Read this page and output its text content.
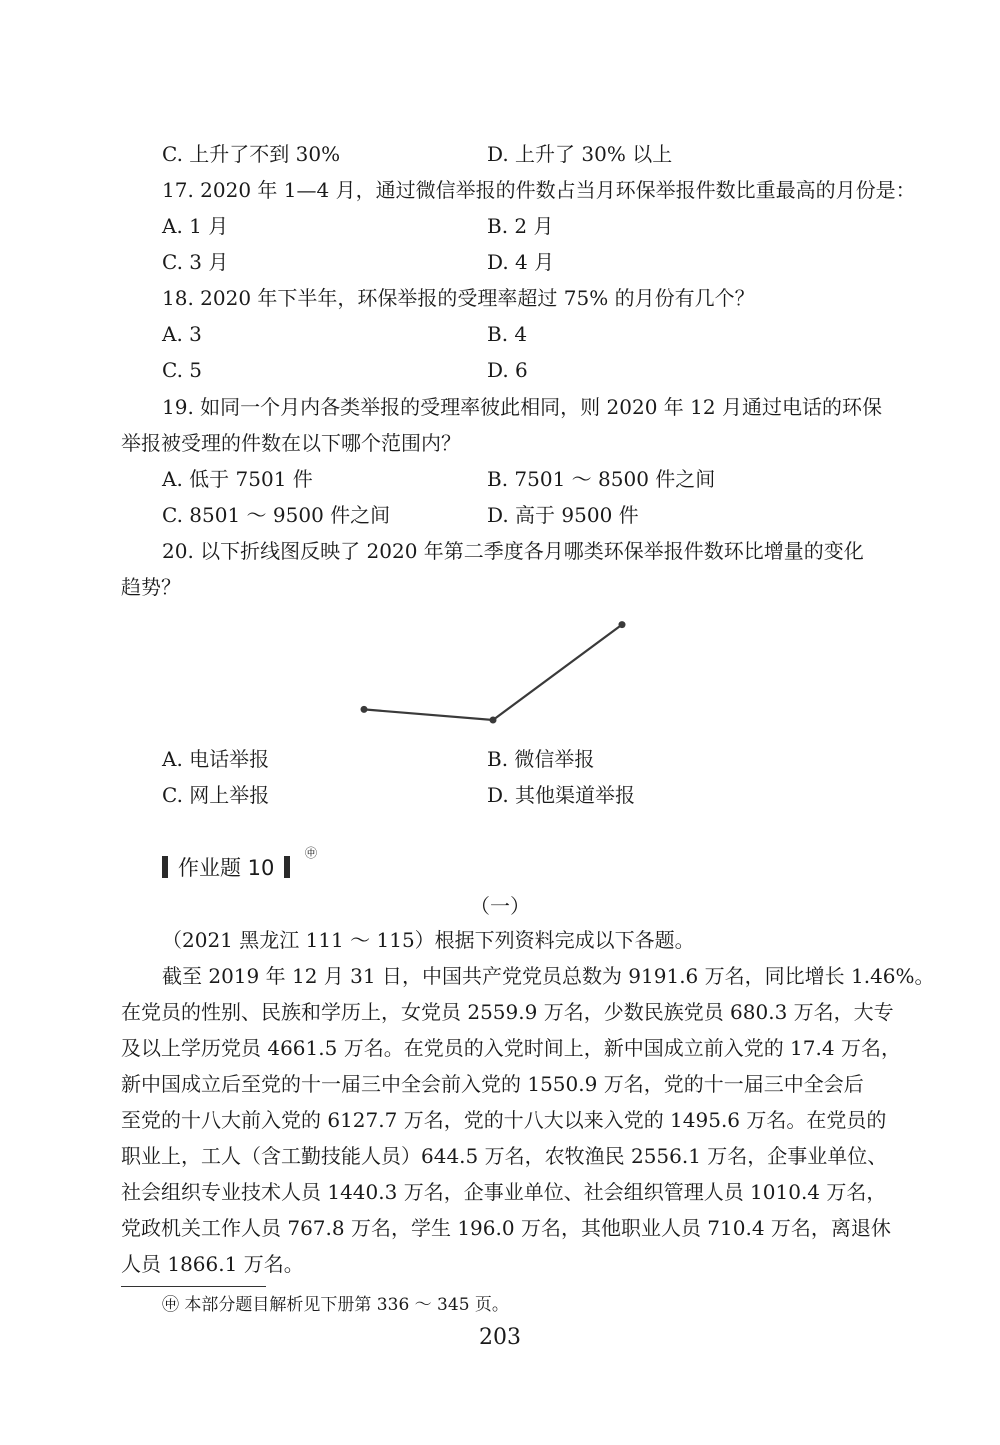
C. 上升了不到 30%	D. 上升了 30% 以上
17. 2020 年 1—4 月，通过微信举报的件数占当月环保举报件数比重最高的月份是：
A. 1 月	B. 2 月
C. 3 月	D. 4 月
18. 2020 年下半年，环保举报的受理率超过 75% 的月份有几个？
A. 3	B. 4
C. 5	D. 6
19. 如同一个月内各类举报的受理率彼此相同，则 2020 年 12 月通过电话的环保
举报被受理的件数在以下哪个范围内？
A. 低于 7501 件	B. 7501 ～ 8500 件之间
C. 8501 ～ 9500 件之间	D. 高于 9500 件
20. 以下折线图反映了 2020 年第二季度各月哪类环保举报件数环比增量的变化
趋势？
A. 电话举报	B. 微信举报
C. 网上举报	D. 其他渠道举报
作业题 10
㊥
（一）
（2021 黑龙江 111 ～ 115）根据下列资料完成以下各题。
截至 2019 年 12 月 31 日，中国共产党党员总数为 9191.6 万名，同比增长 1.46%。
在党员的性别、民族和学历上，女党员 2559.9 万名，少数民族党员 680.3 万名，大专
及以上学历党员 4661.5 万名。在党员的入党时间上，新中国成立前入党的 17.4 万名，
新中国成立后至党的十一届三中全会前入党的 1550.9 万名，党的十一届三中全会后
至党的十八大前入党的 6127.7 万名，党的十八大以来入党的 1495.6 万名。在党员的
职业上，工人（含工勤技能人员）644.5 万名，农牧渔民 2556.1 万名，企事业单位、
社会组织专业技术人员 1440.3 万名，企事业单位、社会组织管理人员 1010.4 万名，
党政机关工作人员 767.8 万名，学生 196.0 万名，其他职业人员 710.4 万名，离退休
人员 1866.1 万名。
㊥ 本部分题目解析见下册第 336 ～ 345 页。
203
